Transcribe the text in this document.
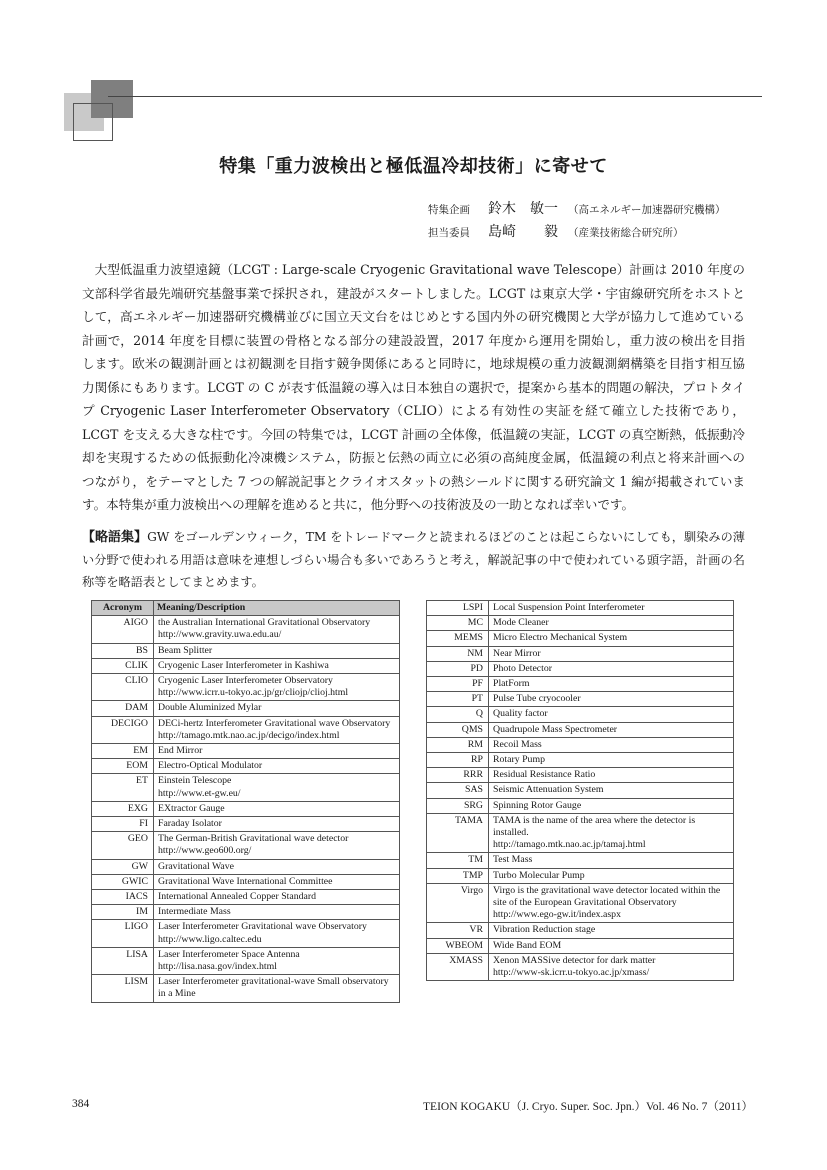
特集「重力波検出と極低温冷却技術」に寄せて
特集企画	鈴木　敏一 （高エネルギー加速器研究機構）
担当委員	島崎　　毅 （産業技術総合研究所）

大型低温重力波望遠鏡（LCGT : Large-scale Cryogenic Gravitational wave Telescope）計画は 2010 年度の文部科学省最先端研究基盤事業で採択され，建設がスタートしました。LCGT は東京大学・宇宙線研究所をホストとして，高エネルギー加速器研究機構並びに国立天文台をはじめとする国内外の研究機関と大学が協力して進めている計画で，2014 年度を目標に装置の骨格となる部分の建設設置，2017 年度から運用を開始し，重力波の検出を目指します。欧米の観測計画とは初観測を目指す競争関係にあると同時に，地球規模の重力波観測網構築を目指す相互協力関係にもあります。LCGT の C が表す低温鏡の導入は日本独自の選択で，提案から基本的問題の解決，プロトタイプ Cryogenic Laser Interferometer Observatory（CLIO）による有効性の実証を経て確立した技術であり，LCGT を支える大きな柱です。今回の特集では，LCGT 計画の全体像，低温鏡の実証，LCGT の真空断熱，低振動冷却を実現するための低振動化冷凍機システム，防振と伝熱の両立に必須の高純度金属，低温鏡の利点と将来計画へのつながり，をテーマとした 7 つの解説記事とクライオスタットの熱シールドに関する研究論文 1 編が掲載されています。本特集が重力波検出への理解を進めると共に，他分野への技術波及の一助となれば幸いです。

【略語集】GW をゴールデンウィーク，TM をトレードマークと読まれるほどのことは起こらないにしても，馴染みの薄い分野で使われる用語は意味を連想しづらい場合も多いであろうと考え，解説記事の中で使われている頭字語，計画の名称等を略語表としてまとめます。

Acronym	Meaning/Description
AIGO	the Australian International Gravitational Observatory
http://www.gravity.uwa.edu.au/

BS	Beam Splitter

CLIK	Cryogenic Laser Interferometer in Kashiwa

CLIO	Cryogenic Laser Interferometer Observatory
http://www.icrr.u-tokyo.ac.jp/gr/cliojp/clioj.html

DAM	Double Aluminized Mylar

DECIGO	DECi-hertz Interferometer Gravitational wave Observatory
http://tamago.mtk.nao.ac.jp/decigo/index.html

EM	End Mirror

EOM	Electro-Optical Modulator

ET	Einstein Telescope
http://www.et-gw.eu/

EXG	EXtractor Gauge

FI	Faraday Isolator

GEO	The German-British Gravitational wave detector
http://www.geo600.org/

GW	Gravitational Wave

GWIC	Gravitational Wave International Committee

IACS	International Annealed Copper Standard

IM	Intermediate Mass

LIGO	Laser Interferometer Gravitational wave Observatory
http://www.ligo.caltec.edu

LISA	Laser Interferometer Space Antenna
http://lisa.nasa.gov/index.html

LISM	Laser Interferometer gravitational-wave Small observatory in a Mine
LSPI	Local Suspension Point Interferometer

MC	Mode Cleaner

MEMS	Micro Electro Mechanical System

NM	Near Mirror

PD	Photo Detector

PF	PlatForm

PT	Pulse Tube cryocooler

Q	Quality factor

QMS	Quadrupole Mass Spectrometer

RM	Recoil Mass

RP	Rotary Pump

RRR	Residual Resistance Ratio

SAS	Seismic Attenuation System

SRG	Spinning Rotor Gauge

TAMA	TAMA is the name of the area where the detector is installed.
http://tamago.mtk.nao.ac.jp/tamaj.html

TM	Test Mass

TMP	Turbo Molecular Pump

Virgo	Virgo is the gravitational wave detector located within the site of the European Gravitational Observatory
http://www.ego-gw.it/index.aspx

VR	Vibration Reduction stage

WBEOM	Wide Band EOM

XMASS	Xenon MASSive detector for dark matter
http://www-sk.icrr.u-tokyo.ac.jp/xmass/
384	TEION KOGAKU（J. Cryo. Super. Soc. Jpn.）Vol. 46 No. 7（2011）
